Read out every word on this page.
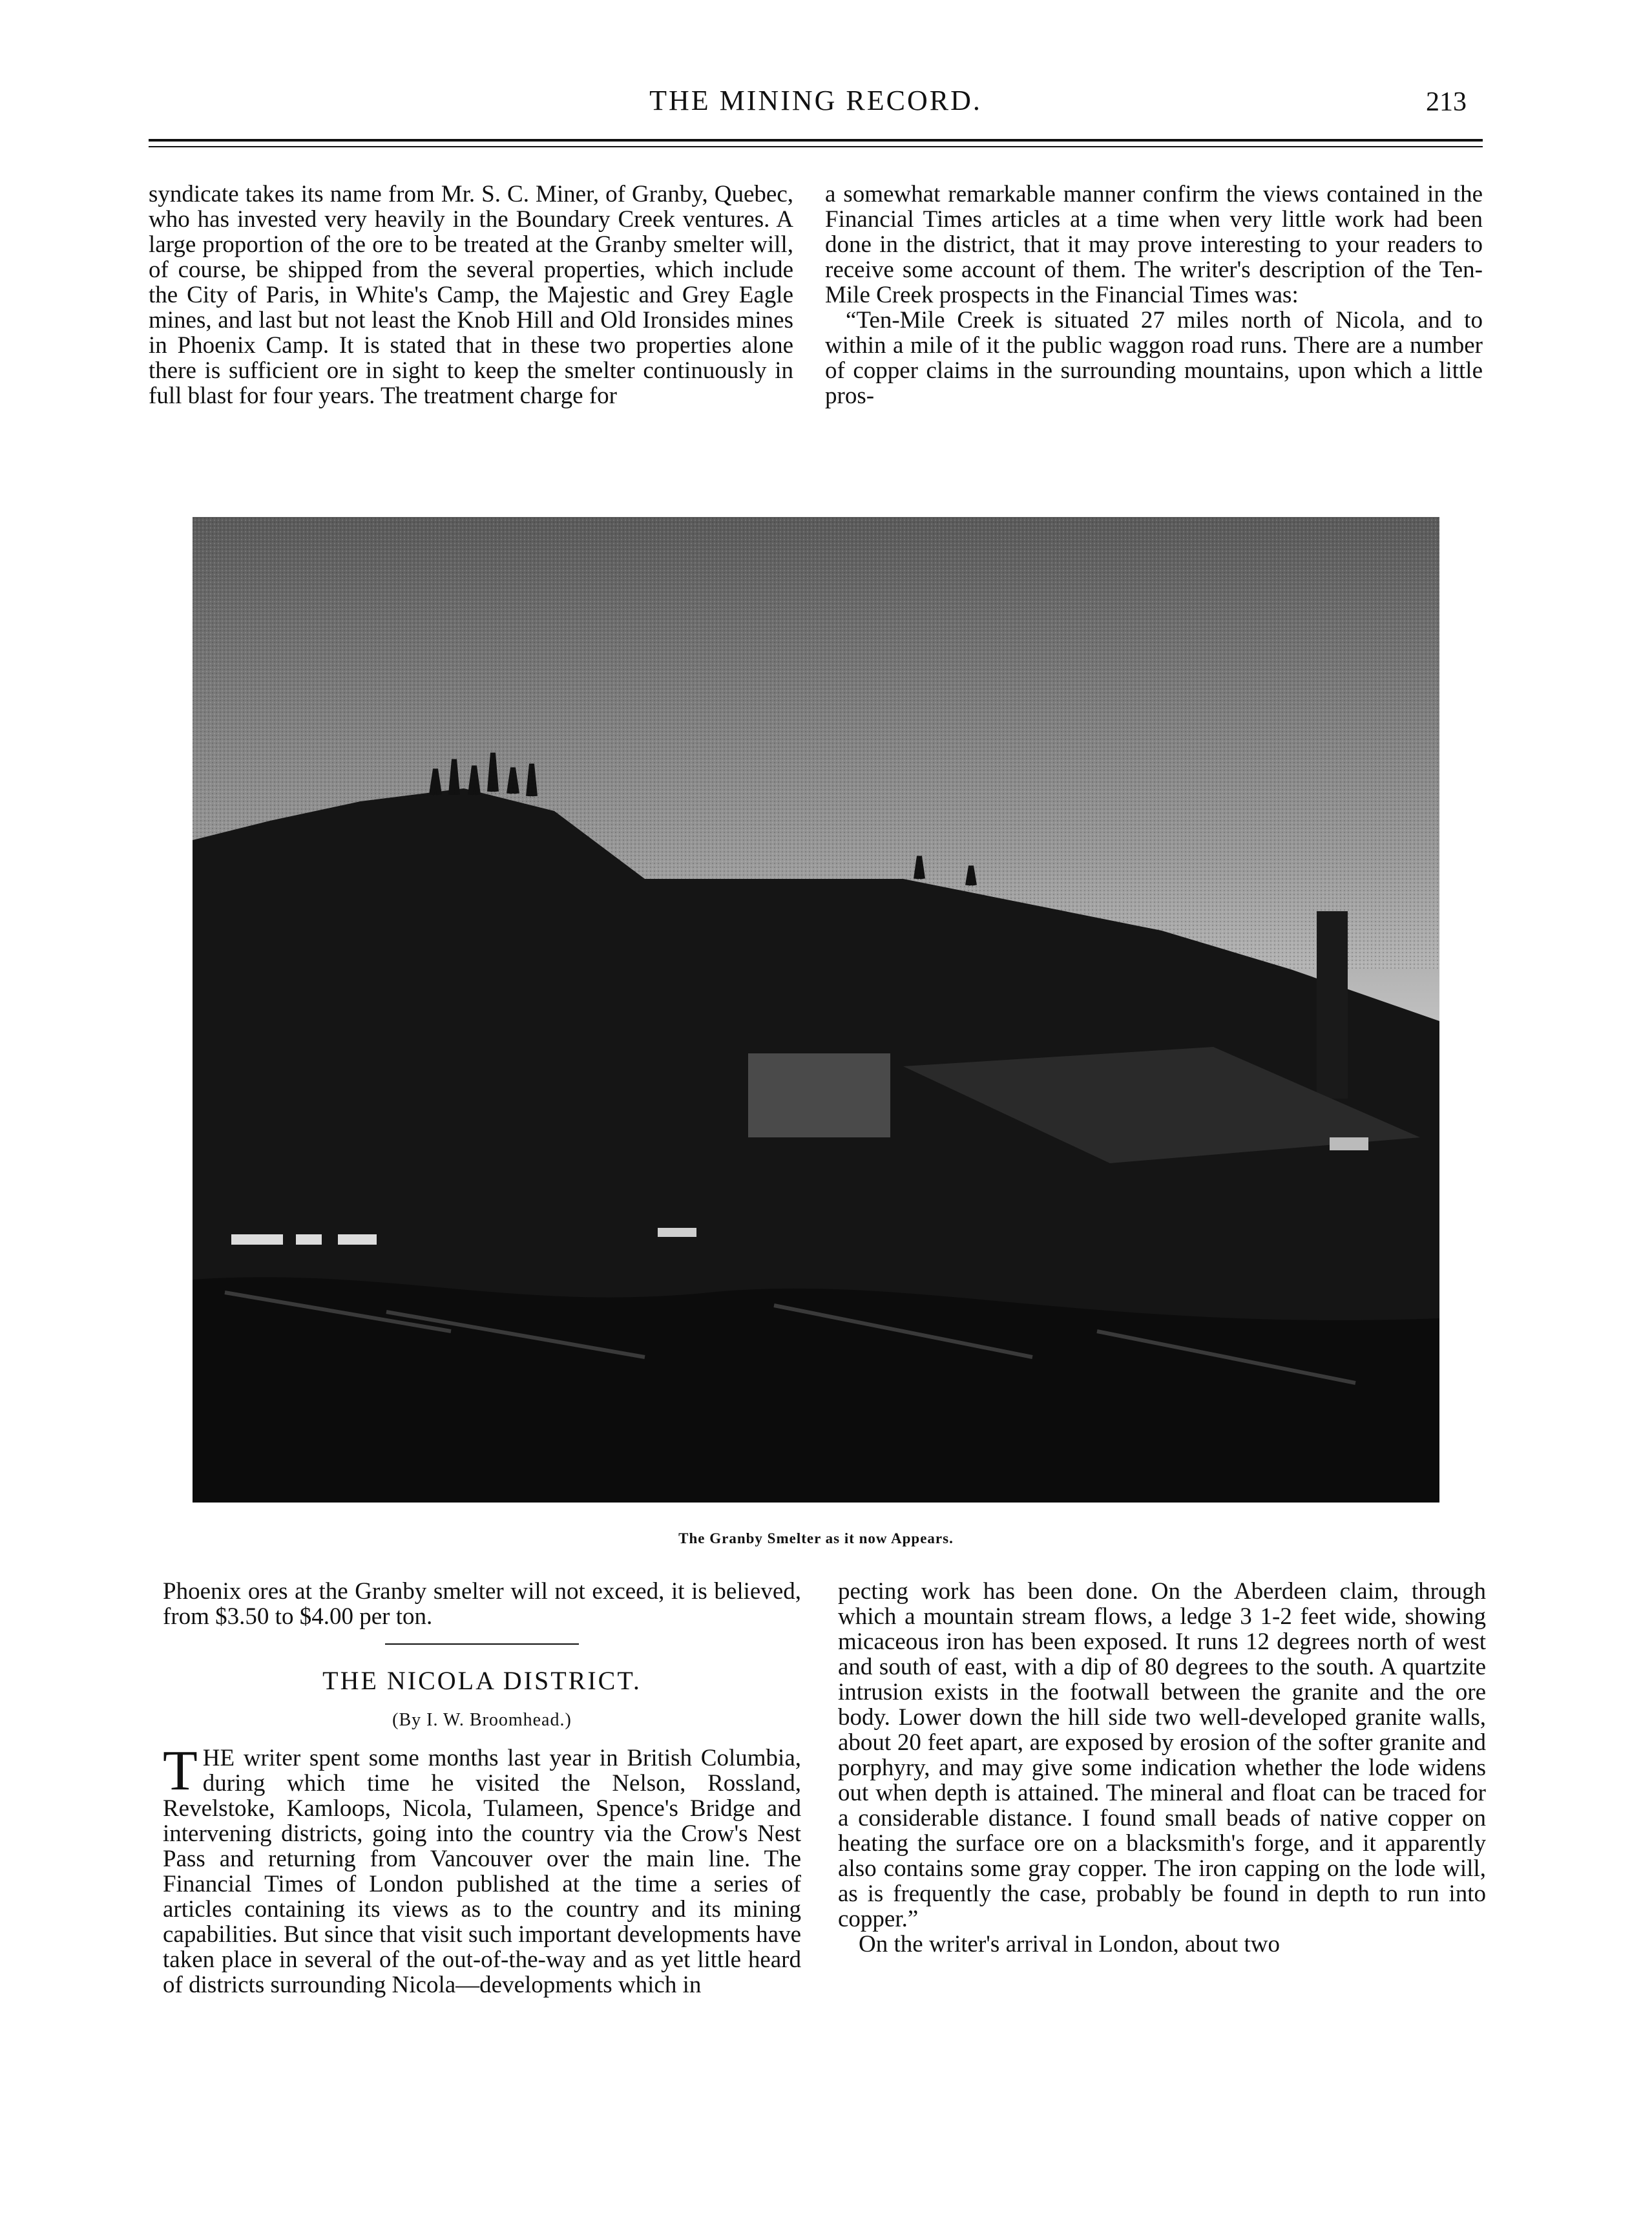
THE MINING RECORD.	213

syndicate takes its name from Mr. S. C. Miner, of Granby, Quebec, who has invested very heavily in the Boundary Creek ventures. A large proportion of the ore to be treated at the Granby smelter will, of course, be shipped from the several properties, which include the City of Paris, in White's Camp, the Majestic and Grey Eagle mines, and last but not least the Knob Hill and Old Ironsides mines in Phoenix Camp. It is stated that in these two properties alone there is sufficient ore in sight to keep the smelter continuously in full blast for four years. The treatment charge for

a somewhat remarkable manner confirm the views contained in the Financial Times articles at a time when very little work had been done in the district, that it may prove interesting to your readers to receive some account of them. The writer's description of the Ten-Mile Creek prospects in the Financial Times was:

“Ten-Mile Creek is situated 27 miles north of Nicola, and to within a mile of it the public waggon road runs. There are a number of copper claims in the surrounding mountains, upon which a little pros-

The Granby Smelter as it now Appears.

Phoenix ores at the Granby smelter will not exceed, it is believed, from $3.50 to $4.00 per ton.

THE NICOLA DISTRICT.
(By I. W. Broomhead.)

THE writer spent some months last year in British Columbia, during which time he visited the Nelson, Rossland, Revelstoke, Kamloops, Nicola, Tulameen, Spence's Bridge and intervening districts, going into the country via the Crow's Nest Pass and returning from Vancouver over the main line. The Financial Times of London published at the time a series of articles containing its views as to the country and its mining capabilities. But since that visit such important developments have taken place in several of the out-of-the-way and as yet little heard of districts surrounding Nicola—developments which in

pecting work has been done. On the Aberdeen claim, through which a mountain stream flows, a ledge 3 1-2 feet wide, showing micaceous iron has been exposed. It runs 12 degrees north of west and south of east, with a dip of 80 degrees to the south. A quartzite intrusion exists in the footwall between the granite and the ore body. Lower down the hill side two well-developed granite walls, about 20 feet apart, are exposed by erosion of the softer granite and porphyry, and may give some indication whether the lode widens out when depth is attained. The mineral and float can be traced for a considerable distance. I found small beads of native copper on heating the surface ore on a blacksmith's forge, and it apparently also contains some gray copper. The iron capping on the lode will, as is frequently the case, probably be found in depth to run into copper.”

On the writer's arrival in London, about two
